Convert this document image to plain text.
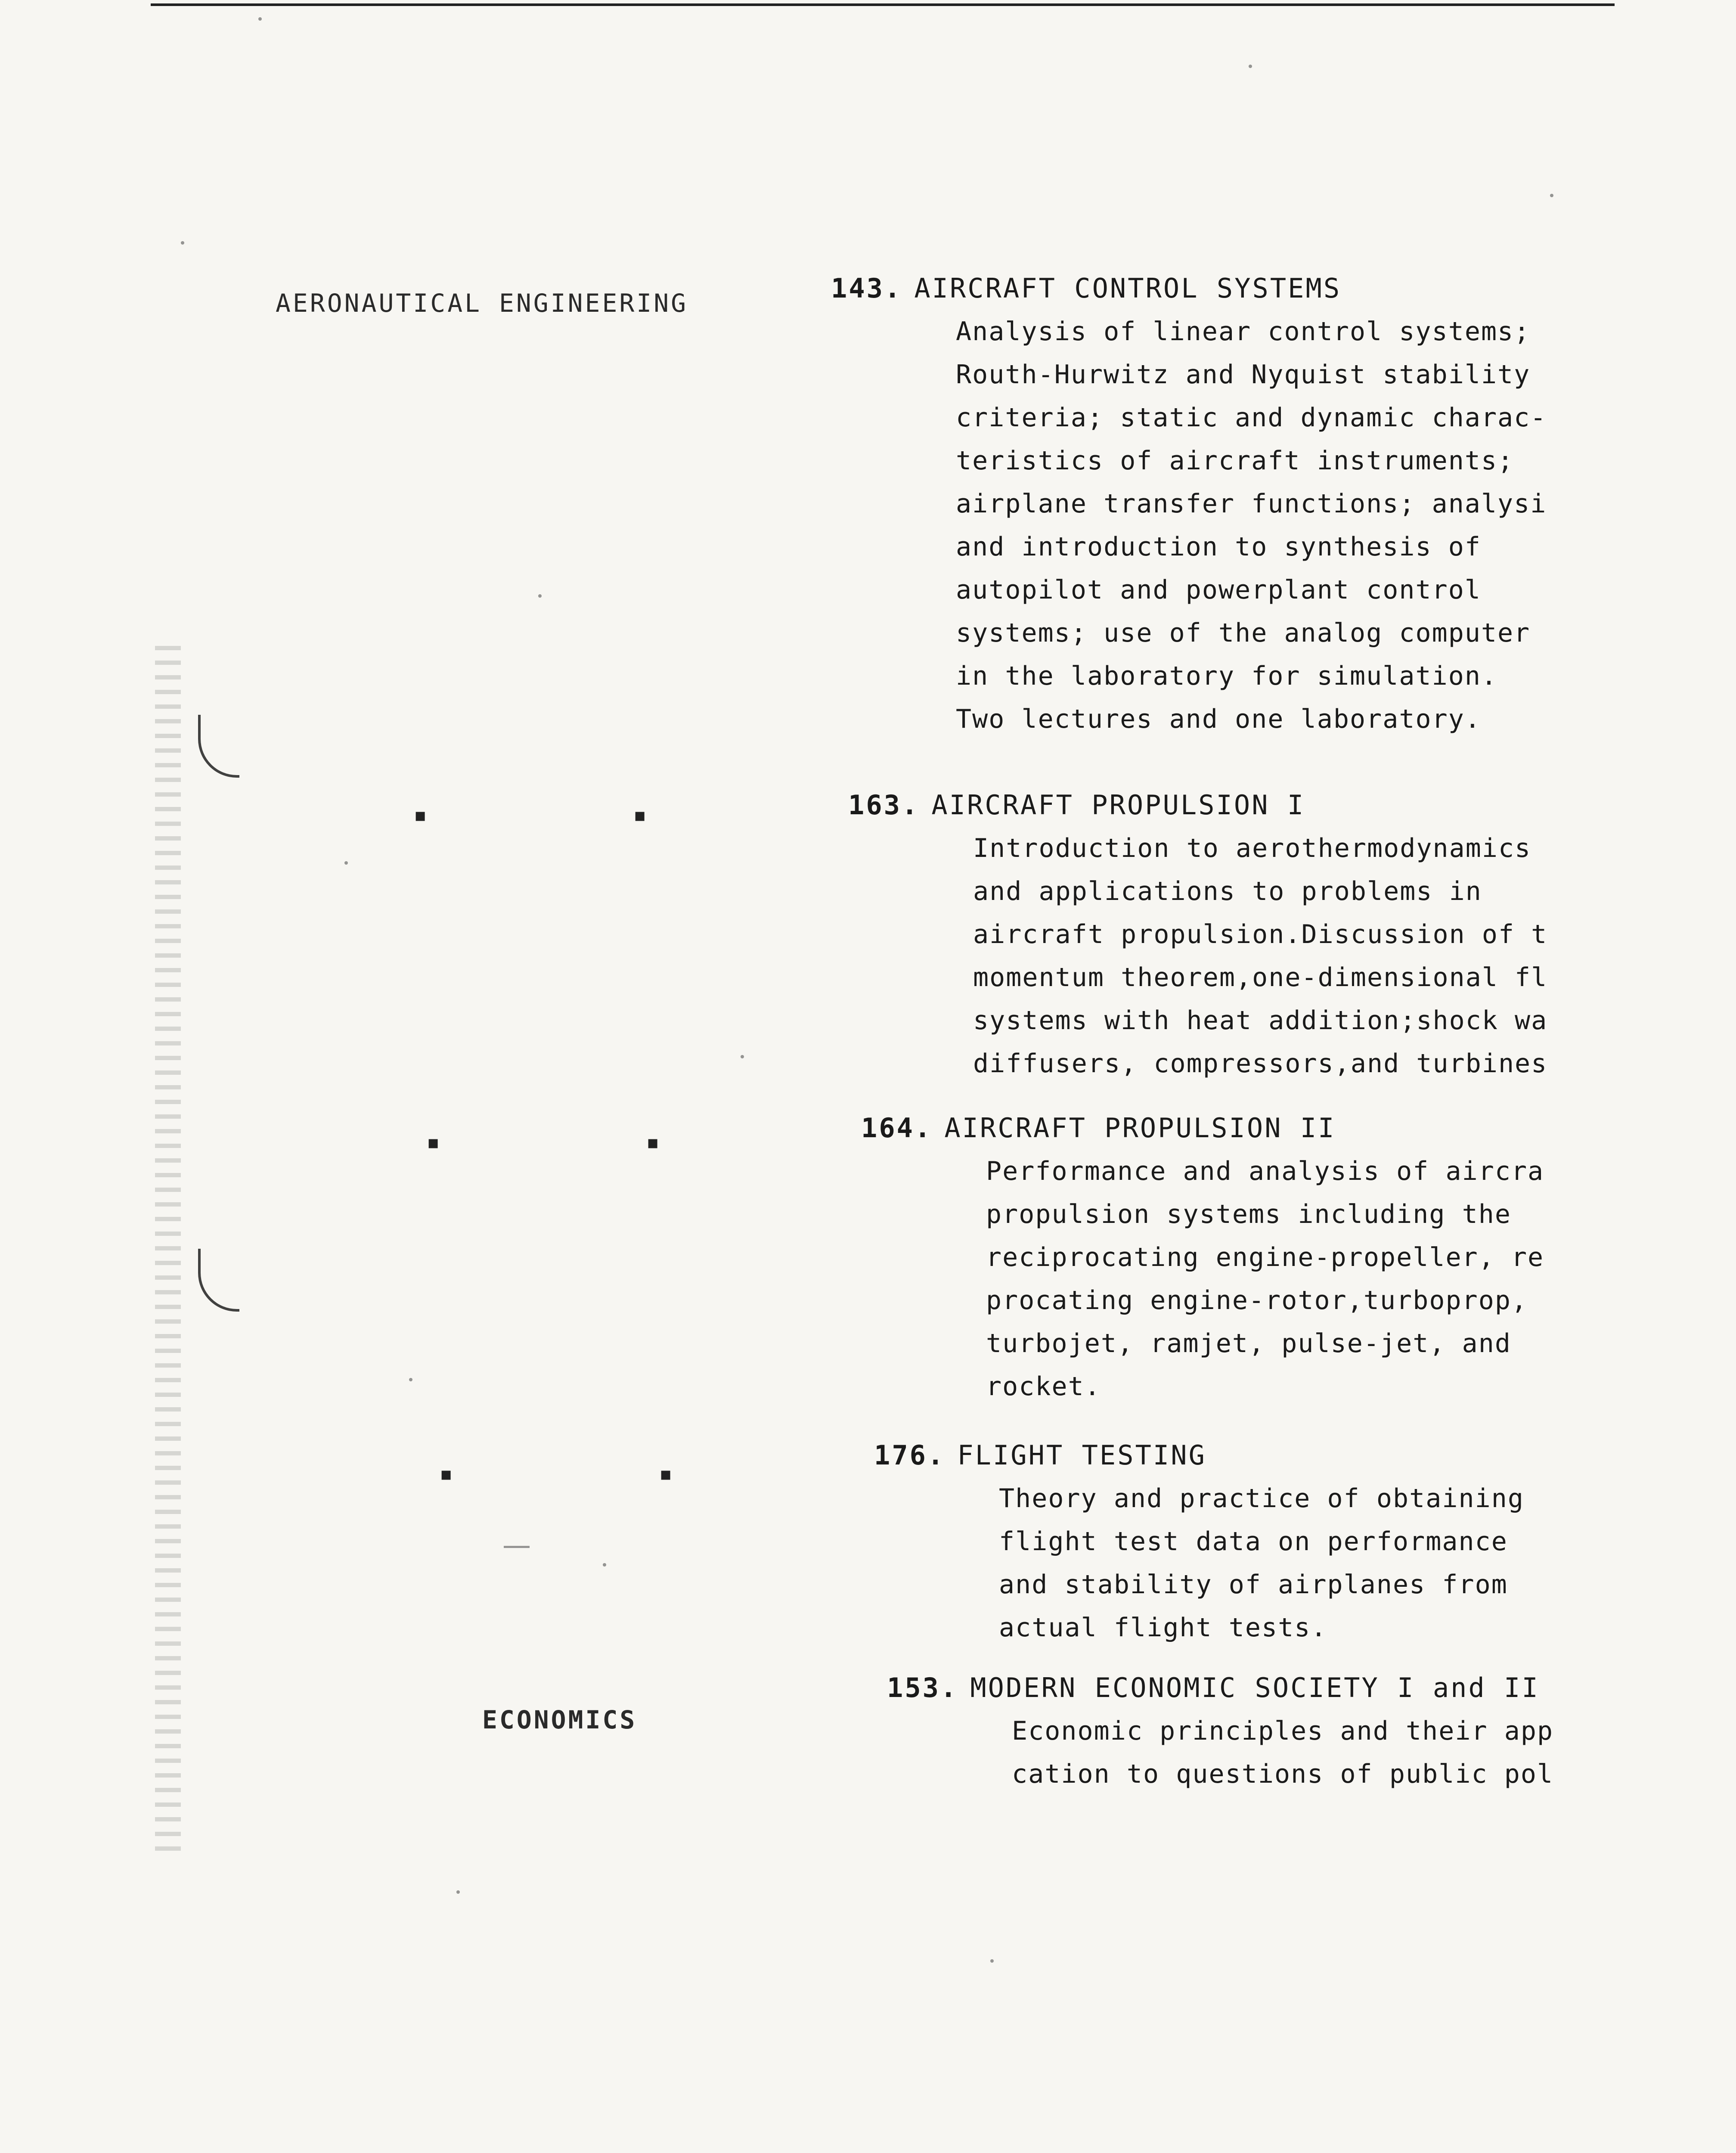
AERONAUTICAL ENGINEERING
ECONOMICS
▪	▪
▪	▪
▪	▪
143. AIRCRAFT CONTROL SYSTEMS
Analysis of linear control systems;
Routh-Hurwitz and Nyquist stability
criteria; static and dynamic charac-
teristics of aircraft instruments;
airplane transfer functions; analysi
and introduction to synthesis of
autopilot and powerplant control
systems; use of the analog computer
in the laboratory for simulation.
Two lectures and one laboratory.
163. AIRCRAFT PROPULSION I
Introduction to aerothermodynamics
and applications to problems in
aircraft propulsion.Discussion of t
momentum theorem,one-dimensional fl
systems with heat addition;shock wa
diffusers, compressors,and turbines
164. AIRCRAFT PROPULSION II
Performance and analysis of aircra
propulsion systems including the
reciprocating engine-propeller, re
procating engine-rotor,turboprop,
turbojet, ramjet, pulse-jet, and
rocket.
176. FLIGHT TESTING
Theory and practice of obtaining
flight test data on performance
and stability of airplanes from
actual flight tests.
153. MODERN ECONOMIC SOCIETY I and II
Economic principles and their app
cation to questions of public pol
